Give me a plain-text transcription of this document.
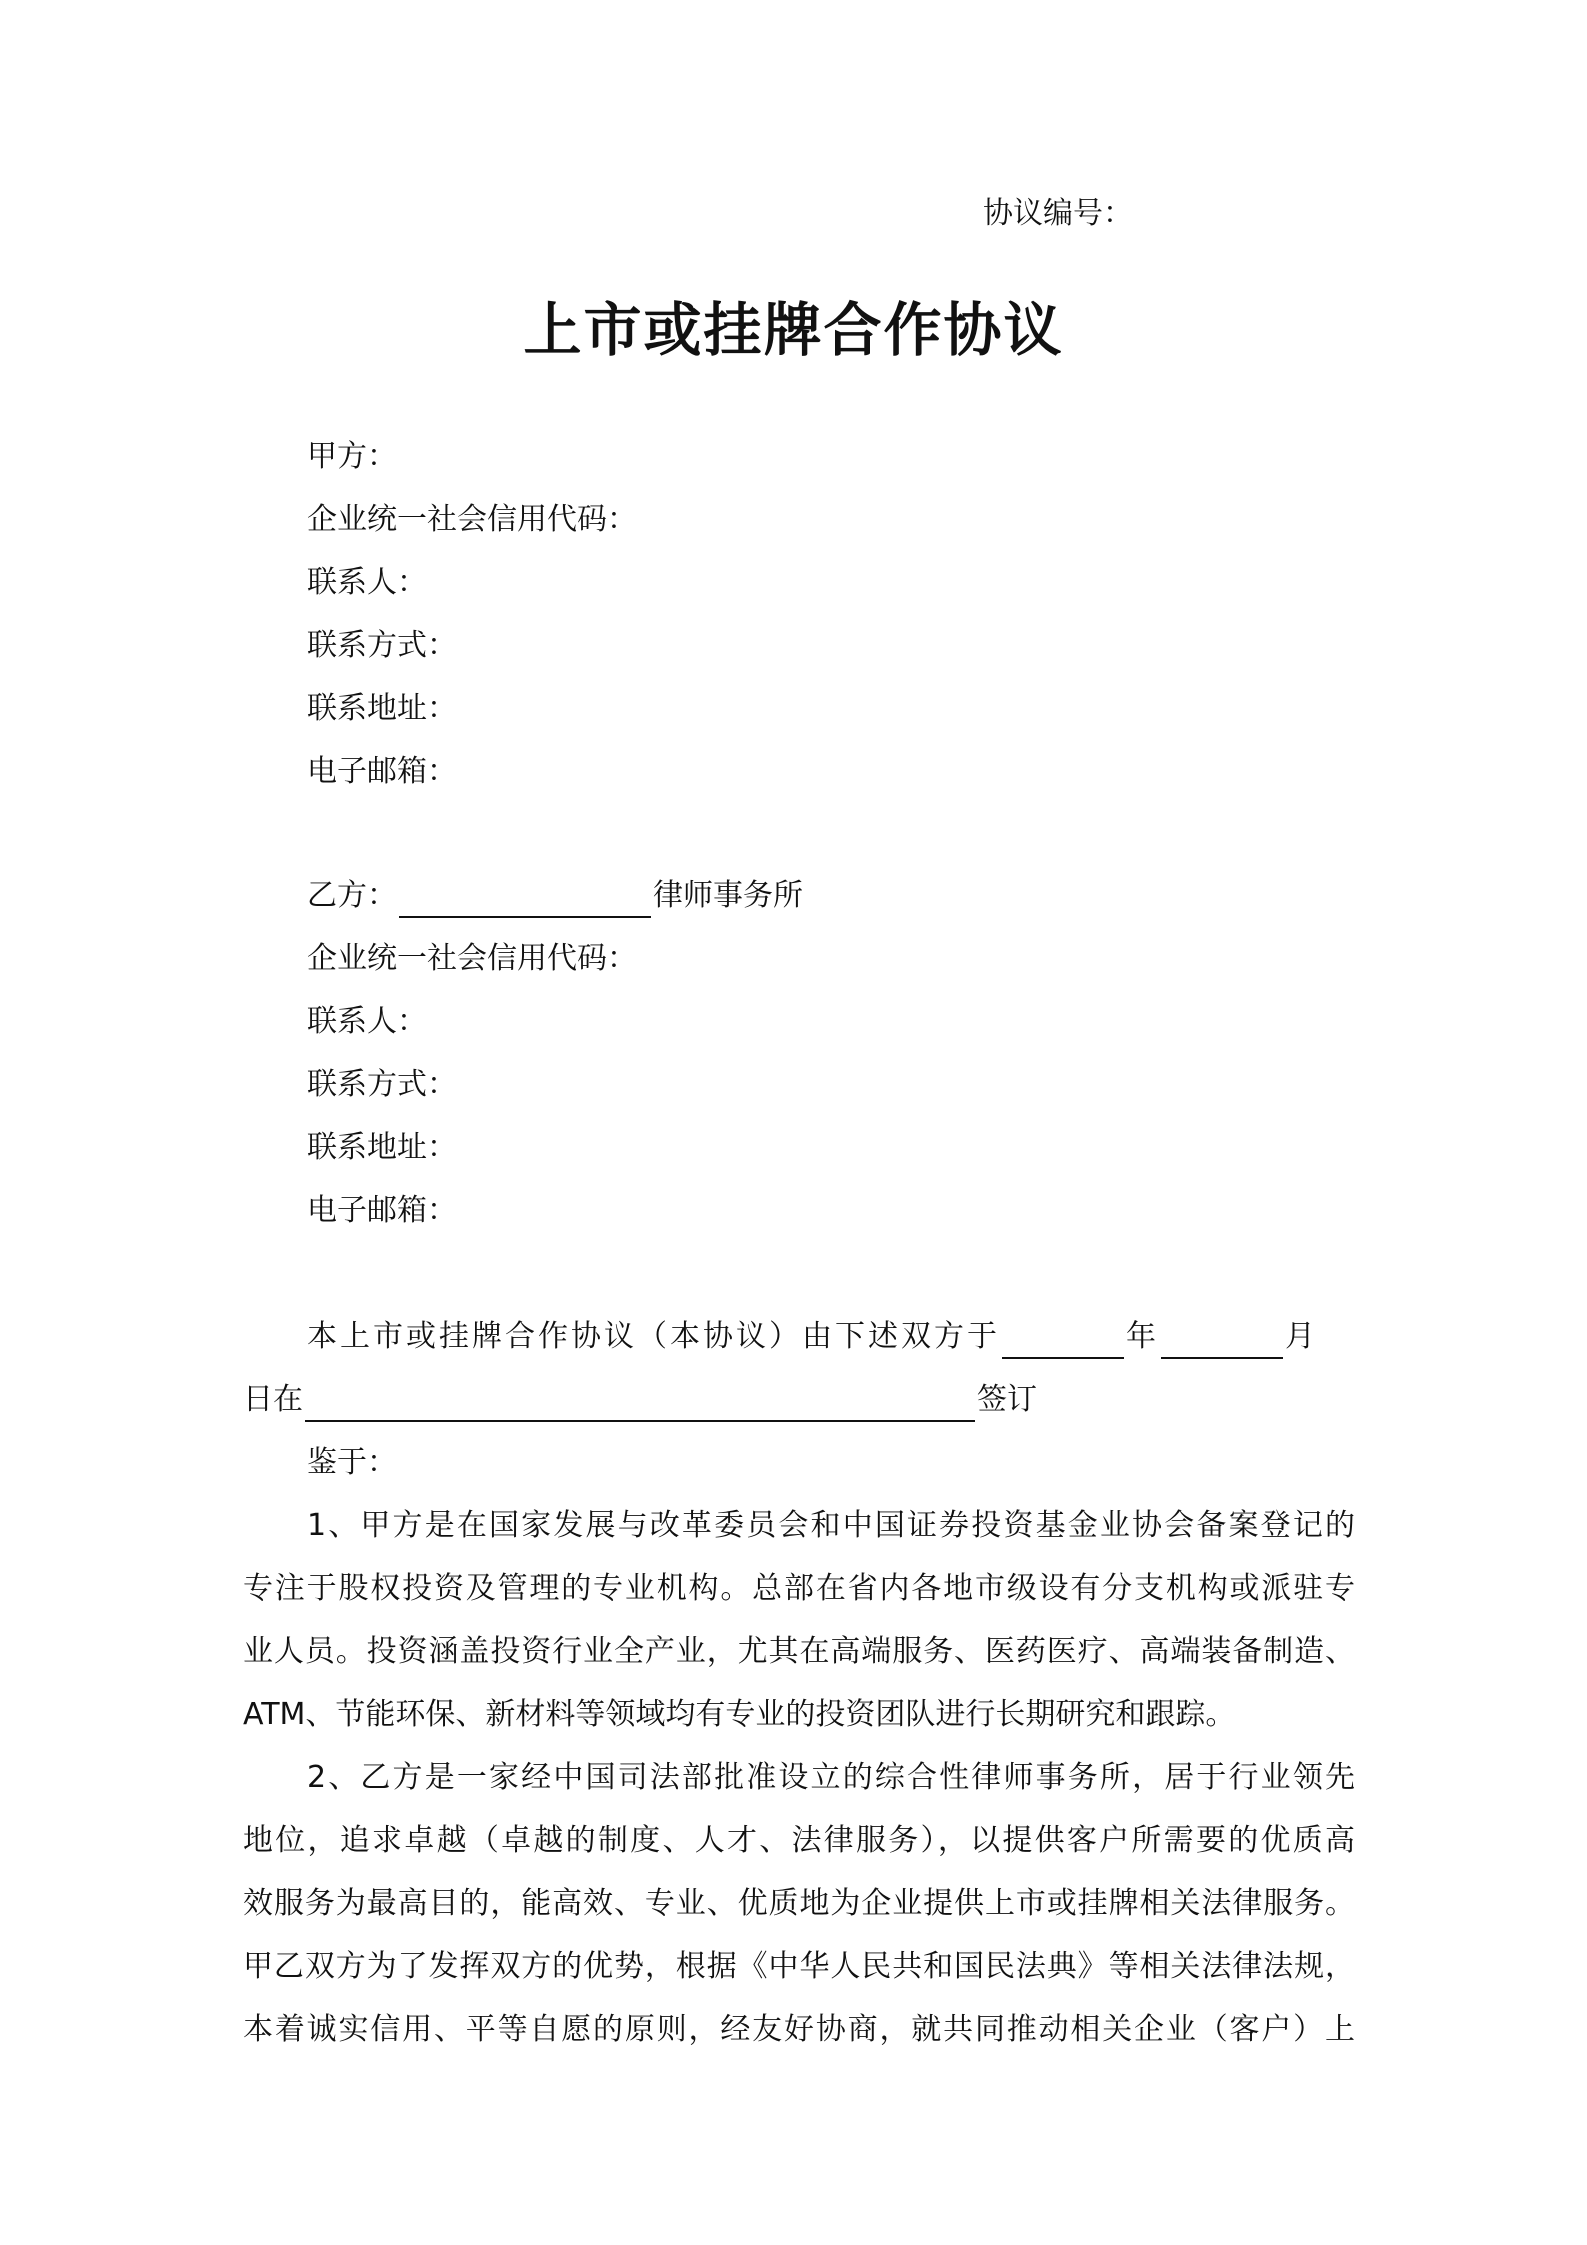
协议编号：
上市或挂牌合作协议
甲方：
企业统一社会信用代码：
联系人：
联系方式：
联系地址：
电子邮箱：
乙方：	律师事务所
企业统一社会信用代码：
联系人：
联系方式：
联系地址：
电子邮箱：
本上市或挂牌合作协议（本协议）由下述双方于	年	月
日在	签订
鉴于：
1、甲方是在国家发展与改革委员会和中国证券投资基金业协会备案登记的
专注于股权投资及管理的专业机构。总部在省内各地市级设有分支机构或派驻专
业人员。投资涵盖投资行业全产业，尤其在高端服务、医药医疗、高端装备制造、
ATM、节能环保、新材料等领域均有专业的投资团队进行长期研究和跟踪。
2、乙方是一家经中国司法部批准设立的综合性律师事务所，居于行业领先
地位，追求卓越（卓越的制度、人才、法律服务），以提供客户所需要的优质高
效服务为最高目的，能高效、专业、优质地为企业提供上市或挂牌相关法律服务。
甲乙双方为了发挥双方的优势，根据《中华人民共和国民法典》等相关法律法规，
本着诚实信用、平等自愿的原则，经友好协商，就共同推动相关企业（客户）上
